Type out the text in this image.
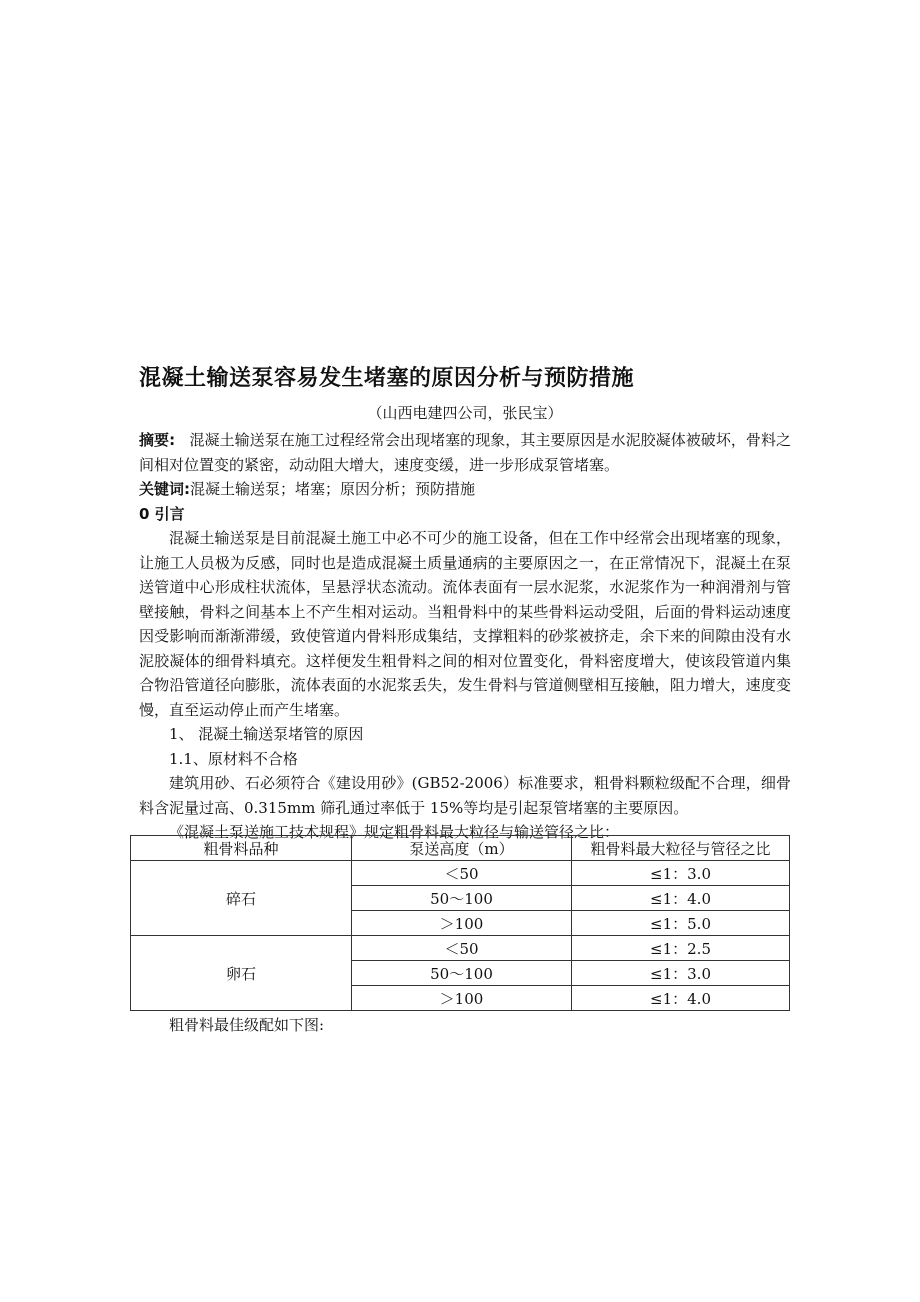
混凝土输送泵容易发生堵塞的原因分析与预防措施
（山西电建四公司，张民宝）

摘要: 混凝土输送泵在施工过程经常会出现堵塞的现象，其主要原因是水泥胶凝体被破坏，骨料之间相对位置变的紧密，动动阻大增大，速度变缓，进一步形成泵管堵塞。

关键词:混凝土输送泵；堵塞；原因分析；预防措施

0 引言

混凝土输送泵是目前混凝土施工中必不可少的施工设备，但在工作中经常会出现堵塞的现象，让施工人员极为反感，同时也是造成混凝土质量通病的主要原因之一，在正常情况下，混凝土在泵送管道中心形成柱状流体，呈悬浮状态流动。流体表面有一层水泥浆，水泥浆作为一种润滑剂与管壁接触，骨料之间基本上不产生相对运动。当粗骨料中的某些骨料运动受阻，后面的骨料运动速度因受影响而渐渐滞缓，致使管道内骨料形成集结，支撑粗料的砂浆被挤走，余下来的间隙由没有水泥胶凝体的细骨料填充。这样便发生粗骨料之间的相对位置变化，骨料密度增大，使该段管道内集合物沿管道径向膨胀，流体表面的水泥浆丢失，发生骨料与管道侧壁相互接触，阻力增大，速度变慢，直至运动停止而产生堵塞。

1、 混凝土输送泵堵管的原因

1.1、原材料不合格

建筑用砂、石必须符合《建设用砂》(GB52-2006）标准要求，粗骨料颗粒级配不合理，细骨料含泥量过高、0.315mm 筛孔通过率低于 15%等均是引起泵管堵塞的主要原因。

《混凝土泵送施工技术规程》规定粗骨料最大粒径与输送管径之比：

粗骨料品种	泵送高度（m）	粗骨料最大粒径与管径之比
碎石	＜50	≤1：3.0
	50～100	≤1：4.0
	＞100	≤1：5.0
卵石	＜50	≤1：2.5
	50～100	≤1：3.0
	＞100	≤1：4.0
粗骨料最佳级配如下图:
